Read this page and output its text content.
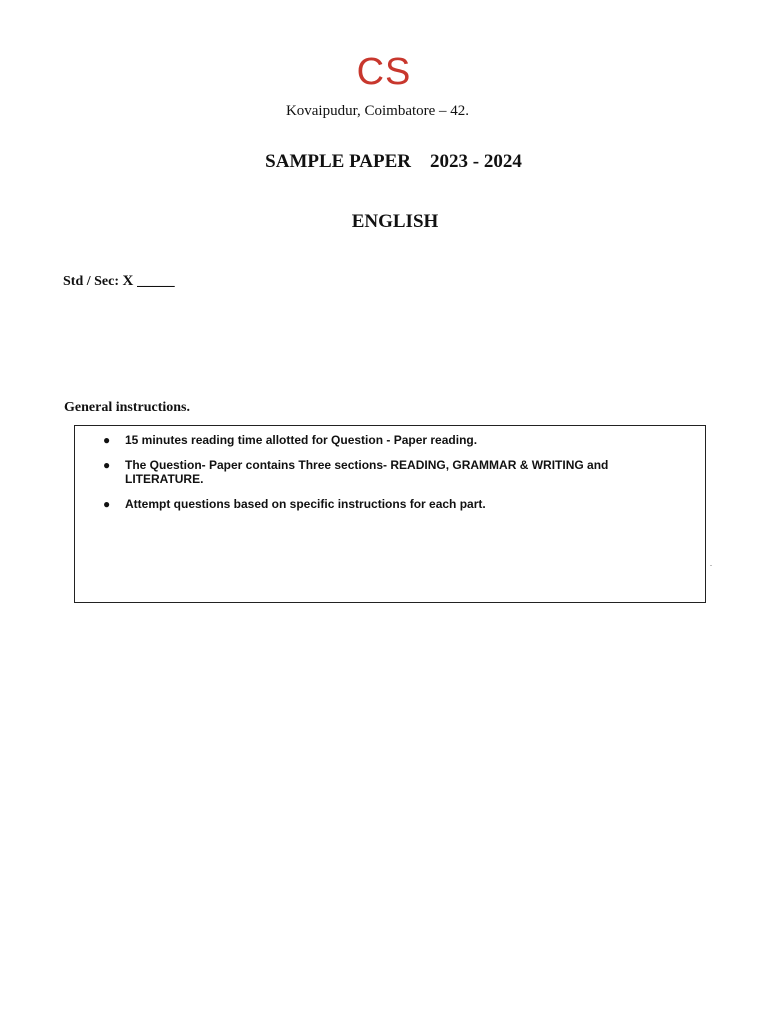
CS
Kovaipudur, Coimbatore – 42.
SAMPLE PAPER    2023 - 2024
ENGLISH
Std / Sec: X _____
General instructions.
● 15 minutes reading time allotted for Question - Paper reading.
● The Question- Paper contains Three sections- READING, GRAMMAR & WRITING and LITERATURE.
● Attempt questions based on specific instructions for each part.
.
